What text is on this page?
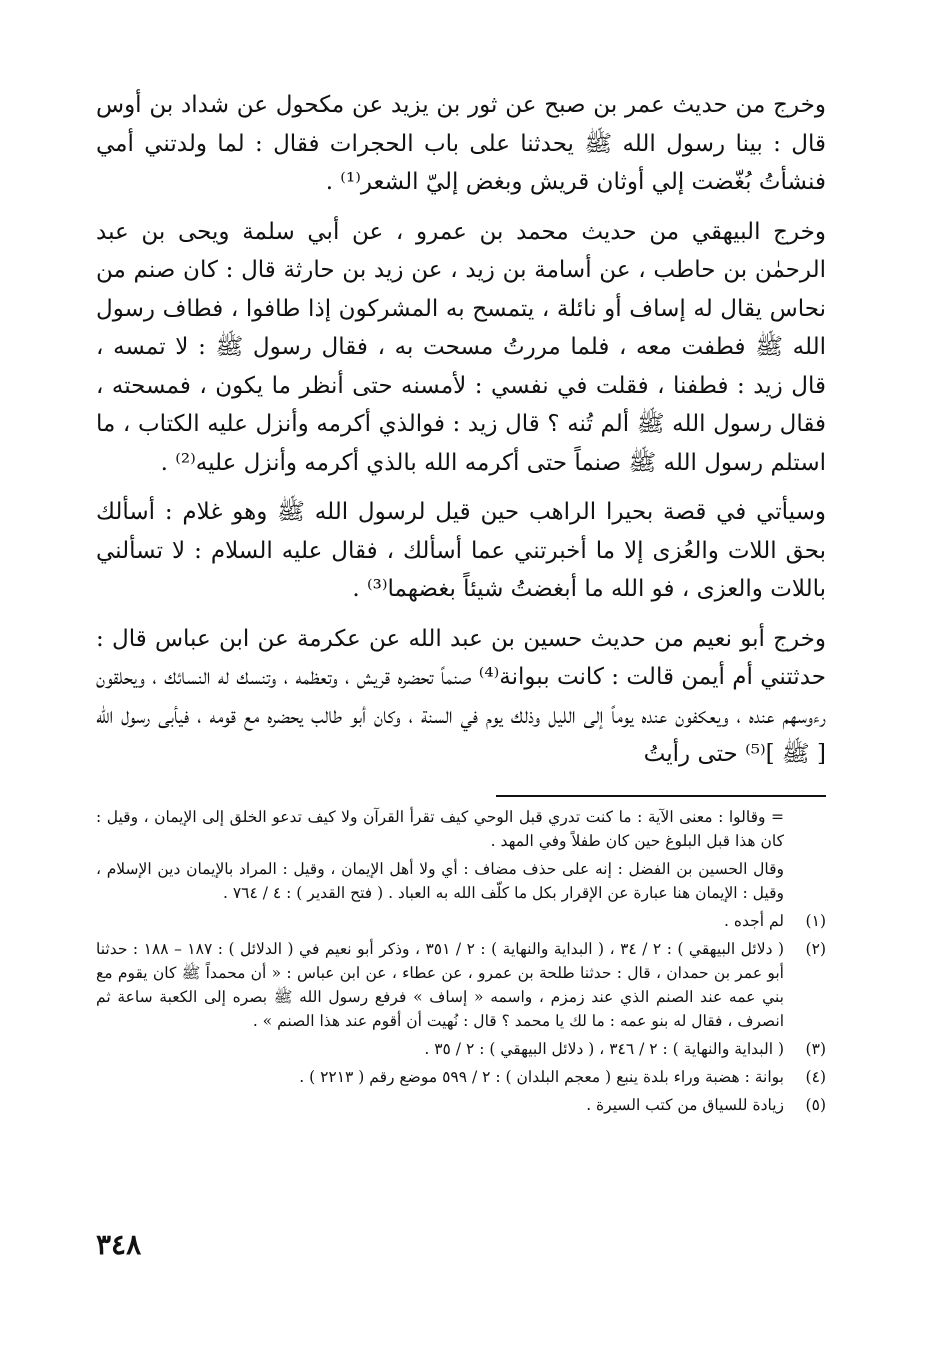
وخرج من حديث عمر بن صبح عن ثور بن يزيد عن مكحول عن شداد بن أوس قال : بينا رسول الله ﷺ يحدثنا على باب الحجرات فقال : لما ولدتني أمي فنشأتُ بُغّضت إلي أوثان قريش وبغض إليّ الشعر⁽¹⁾ .

وخرج البيهقي من حديث محمد بن عمرو ، عن أبي سلمة ويحى بن عبد الرحمٰن بن حاطب ، عن أسامة بن زيد ، عن زيد بن حارثة قال : كان صنم من نحاس يقال له إساف أو نائلة ، يتمسح به المشركون إذا طافوا ، فطاف رسول الله ﷺ فطفت معه ، فلما مررتُ مسحت به ، فقال رسول ﷺ : لا تمسه ، قال زيد : فطفنا ، فقلت في نفسي : لأمسنه حتى أنظر ما يكون ، فمسحته ، فقال رسول الله ﷺ ألم تُنه ؟ قال زيد : فوالذي أكرمه وأنزل عليه الكتاب ، ما استلم رسول الله ﷺ صنماً حتى أكرمه الله بالذي أكرمه وأنزل عليه⁽²⁾ .

وسيأتي في قصة بحيرا الراهب حين قيل لرسول الله ﷺ وهو غلام : أسألك بحق اللات والعُزى إلا ما أخبرتني عما أسألك ، فقال عليه السلام : لا تسألني باللات والعزى ، فو الله ما أبغضتُ شيئاً بغضهما⁽³⁾ .

وخرج أبو نعيم من حديث حسين بن عبد الله عن عكرمة عن ابن عباس قال : حدثتني أم أيمن قالت : كانت ببوانة⁽⁴⁾ صنماً تحضره قريش ، وتعظمه ، وتنسك له النسائك ، ويحلقون رءوسهم عنده ، ويعكفون عنده يوماً إلى الليل وذلك يوم في السنة ، وكان أبو طالب يحضره مع قومه ، فيأبى رسول الله [ ﷺ ]⁽⁵⁾ حتى رأيتُ

= وقالوا : معنى الآية : ما كنت تدري قبل الوحي كيف تقرأ القرآن ولا كيف تدعو الخلق إلى الإيمان ، وقيل : كان هذا قبل البلوغ حين كان طفلاً وفي المهد .
وقال الحسين بن الفضل : إنه على حذف مضاف : أي ولا أهل الإيمان ، وقيل : المراد بالإيمان دين الإسلام ، وقيل : الإيمان هنا عبارة عن الإقرار بكل ما كلّف الله به العباد . ( فتح القدير ) : ٤ / ٧٦٤ .
(١)
لم أجده .
(٢)
( دلائل البيهقي ) : ٢ / ٣٤ ، ( البداية والنهاية ) : ٢ / ٣٥١ ، وذكر أبو نعيم في ( الدلائل ) : ١٨٧ – ١٨٨ : حدثنا أبو عمر بن حمدان ، قال : حدثنا طلحة بن عمرو ، عن عطاء ، عن ابن عباس : « أن محمداً ﷺ كان يقوم مع بني عمه عند الصنم الذي عند زمزم ، واسمه « إساف » فرفع رسول الله ﷺ بصره إلى الكعبة ساعة ثم انصرف ، فقال له بنو عمه : ما لك يا محمد ؟ قال : نُهيت أن أقوم عند هذا الصنم » .
(٣)
( البداية والنهاية ) : ٢ / ٣٤٦ ، ( دلائل البيهقي ) : ٢ / ٣٥ .
(٤)
بوانة : هضبة وراء بلدة ينبع ( معجم البلدان ) : ٢ / ٥٩٩ موضع رقم ( ٢٢١٣ ) .
(٥)
زيادة للسياق من كتب السيرة .
٣٤٨
